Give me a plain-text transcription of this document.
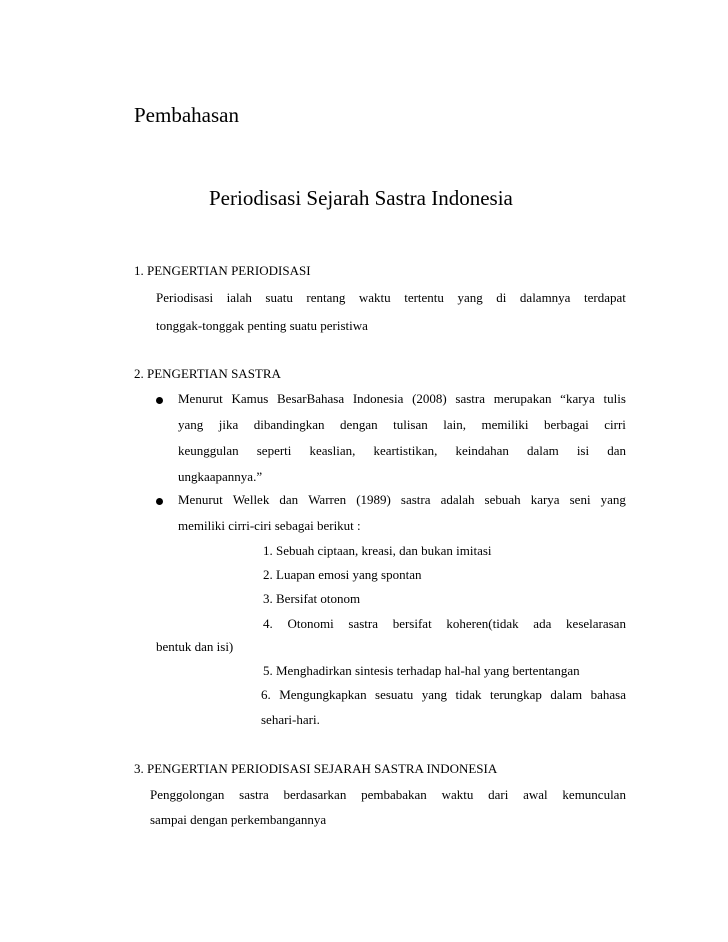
Pembahasan
Periodisasi Sejarah Sastra Indonesia
1. PENGERTIAN PERIODISASI
Periodisasi ialah suatu rentang waktu tertentu yang di dalamnya terdapat
tonggak-tonggak penting suatu peristiwa
2. PENGERTIAN SASTRA
Menurut Kamus BesarBahasa Indonesia (2008) sastra merupakan “karya tulis
yang jika dibandingkan dengan tulisan lain, memiliki berbagai cirri
keunggulan seperti keaslian, keartistikan, keindahan dalam isi dan
ungkaapannya.”
Menurut Wellek dan Warren (1989) sastra adalah sebuah karya seni yang
memiliki cirri-ciri sebagai berikut :
1. Sebuah ciptaan, kreasi, dan bukan imitasi
2. Luapan emosi yang spontan
3. Bersifat otonom
4. Otonomi sastra bersifat koheren(tidak ada keselarasan
bentuk dan isi)
5. Menghadirkan sintesis terhadap hal-hal yang bertentangan
6. Mengungkapkan sesuatu yang tidak terungkap dalam bahasa
sehari-hari.
3. PENGERTIAN PERIODISASI SEJARAH SASTRA INDONESIA
Penggolongan sastra berdasarkan pembabakan waktu dari awal kemunculan
sampai dengan perkembangannya
